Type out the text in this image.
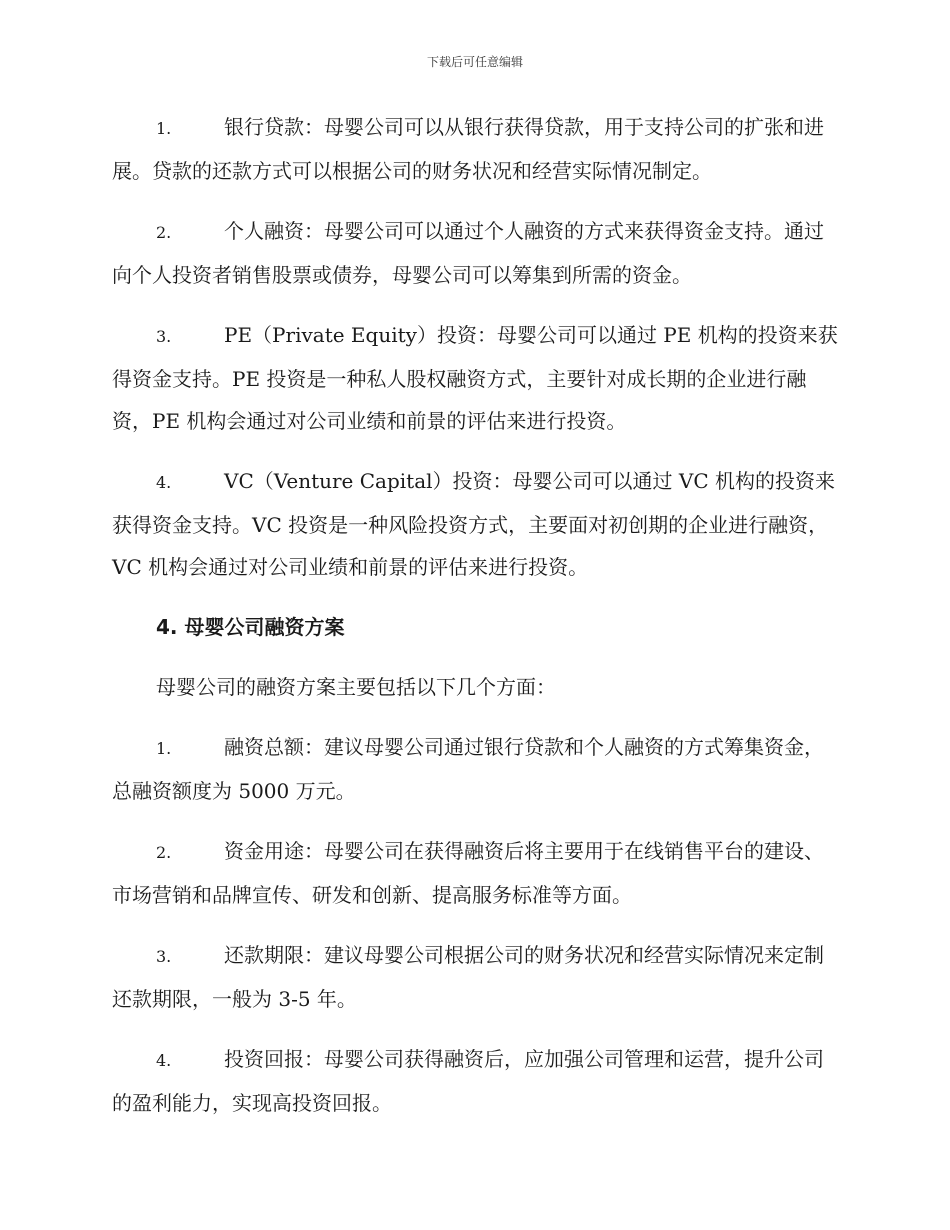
下载后可任意编辑

1.	银行贷款：母婴公司可以从银行获得贷款，用于支持公司的扩张和进展。贷款的还款方式可以根据公司的财务状况和经营实际情况制定。

2.	个人融资：母婴公司可以通过个人融资的方式来获得资金支持。通过向个人投资者销售股票或债券，母婴公司可以筹集到所需的资金。

3.	PE（Private Equity）投资：母婴公司可以通过 PE 机构的投资来获得资金支持。PE 投资是一种私人股权融资方式，主要针对成长期的企业进行融资，PE 机构会通过对公司业绩和前景的评估来进行投资。

4.	VC（Venture Capital）投资：母婴公司可以通过 VC 机构的投资来获得资金支持。VC 投资是一种风险投资方式，主要面对初创期的企业进行融资，VC 机构会通过对公司业绩和前景的评估来进行投资。

4. 母婴公司融资方案

母婴公司的融资方案主要包括以下几个方面：

1.	融资总额：建议母婴公司通过银行贷款和个人融资的方式筹集资金，总融资额度为 5000 万元。

2.	资金用途：母婴公司在获得融资后将主要用于在线销售平台的建设、市场营销和品牌宣传、研发和创新、提高服务标准等方面。

3.	还款期限：建议母婴公司根据公司的财务状况和经营实际情况来定制还款期限，一般为 3-5 年。

4.	投资回报：母婴公司获得融资后，应加强公司管理和运营，提升公司的盈利能力，实现高投资回报。
